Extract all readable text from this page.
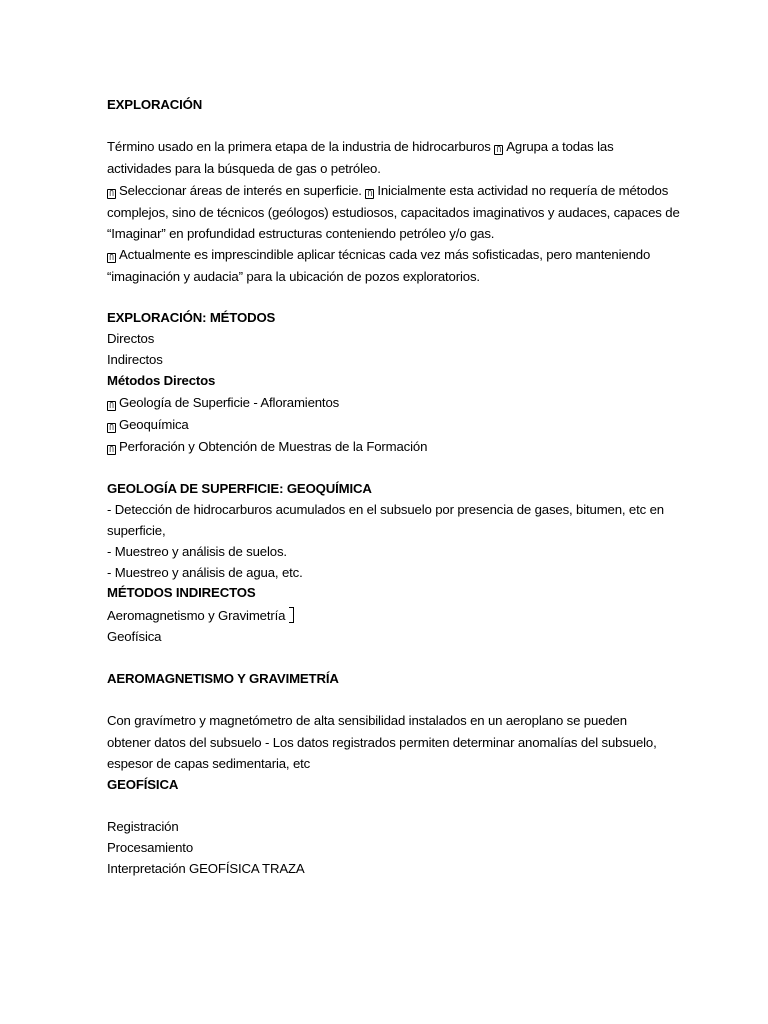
EXPLORACIÓN
Término usado en la primera etapa de la industria de hidrocarburos Ⴖ Agrupa a todas las
actividades para la búsqueda de gas o petróleo.
Ⴖ Seleccionar áreas de interés en superficie. Ⴖ Inicialmente esta actividad no requería de métodos
complejos, sino de técnicos (geólogos) estudiosos, capacitados imaginativos y audaces, capaces de
“Imaginar” en profundidad estructuras conteniendo petróleo y/o gas.
Ⴖ Actualmente es imprescindible aplicar técnicas cada vez más sofisticadas, pero manteniendo
“imaginación y audacia” para la ubicación de pozos exploratorios.
EXPLORACIÓN: MÉTODOS
Directos
Indirectos
Métodos Directos
Ⴖ Geología de Superficie - Afloramientos
Ⴖ Geoquímica
Ⴖ Perforación y Obtención de Muestras de la Formación
GEOLOGÍA DE SUPERFICIE: GEOQUÍMICA
- Detección de hidrocarburos acumulados en el subsuelo por presencia de gases, bitumen, etc en
superficie,
- Muestreo y análisis de suelos.
- Muestreo y análisis de agua, etc.
MÉTODOS INDIRECTOS
Aeromagnetismo y Gravimetría
Geofísica
AEROMAGNETISMO Y GRAVIMETRÍA
Con gravímetro y magnetómetro de alta sensibilidad instalados en un aeroplano se pueden
obtener datos del subsuelo - Los datos registrados permiten determinar anomalías del subsuelo,
espesor de capas sedimentaria, etc
GEOFÍSICA
Registración
Procesamiento
Interpretación GEOFÍSICA TRAZA
